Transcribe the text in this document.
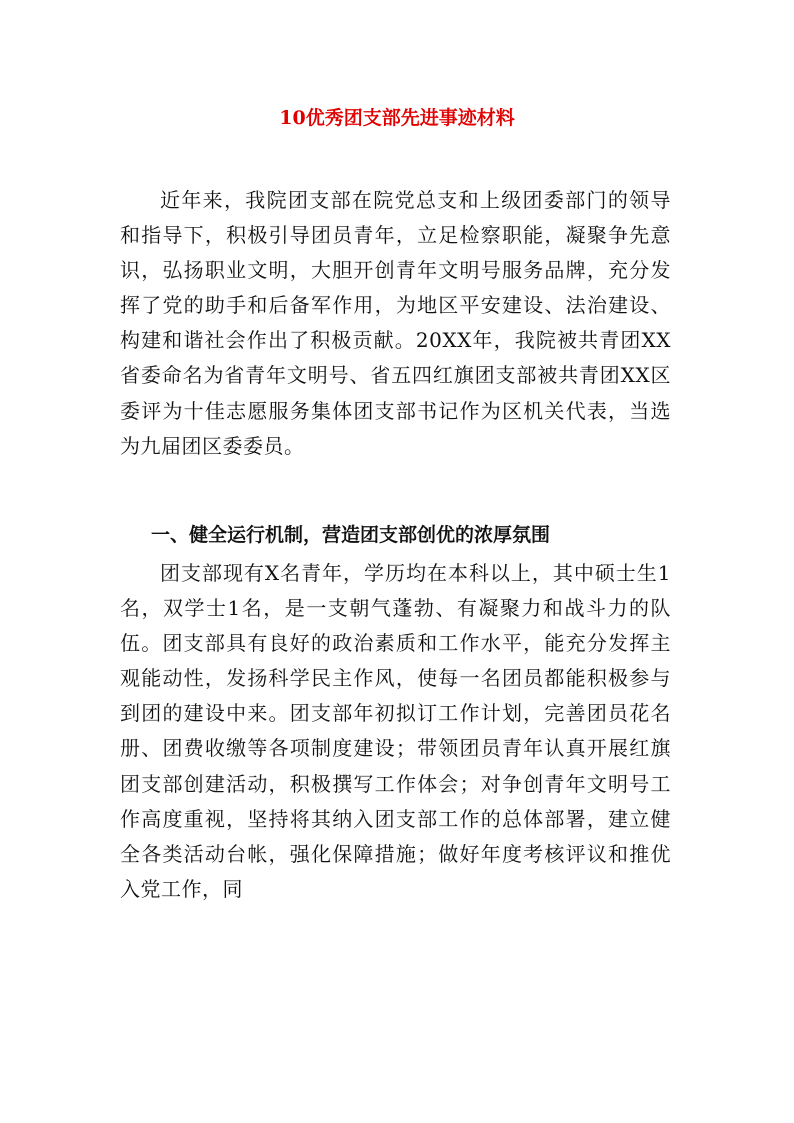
10优秀团支部先进事迹材料
近年来，我院团支部在院党总支和上级团委部门的领导和指导下，积极引导团员青年，立足检察职能，凝聚争先意识，弘扬职业文明，大胆开创青年文明号服务品牌，充分发挥了党的助手和后备军作用，为地区平安建设、法治建设、构建和谐社会作出了积极贡献。20XX年，我院被共青团XX省委命名为省青年文明号、省五四红旗团支部被共青团XX区委评为十佳志愿服务集体团支部书记作为区机关代表，当选为九届团区委委员。
一、健全运行机制，营造团支部创优的浓厚氛围
团支部现有X名青年，学历均在本科以上，其中硕士生1名，双学士1名，是一支朝气蓬勃、有凝聚力和战斗力的队伍。团支部具有良好的政治素质和工作水平，能充分发挥主观能动性，发扬科学民主作风，使每一名团员都能积极参与到团的建设中来。团支部年初拟订工作计划，完善团员花名册、团费收缴等各项制度建设；带领团员青年认真开展红旗团支部创建活动，积极撰写工作体会；对争创青年文明号工作高度重视，坚持将其纳入团支部工作的总体部署，建立健全各类活动台帐，强化保障措施；做好年度考核评议和推优入党工作，同
